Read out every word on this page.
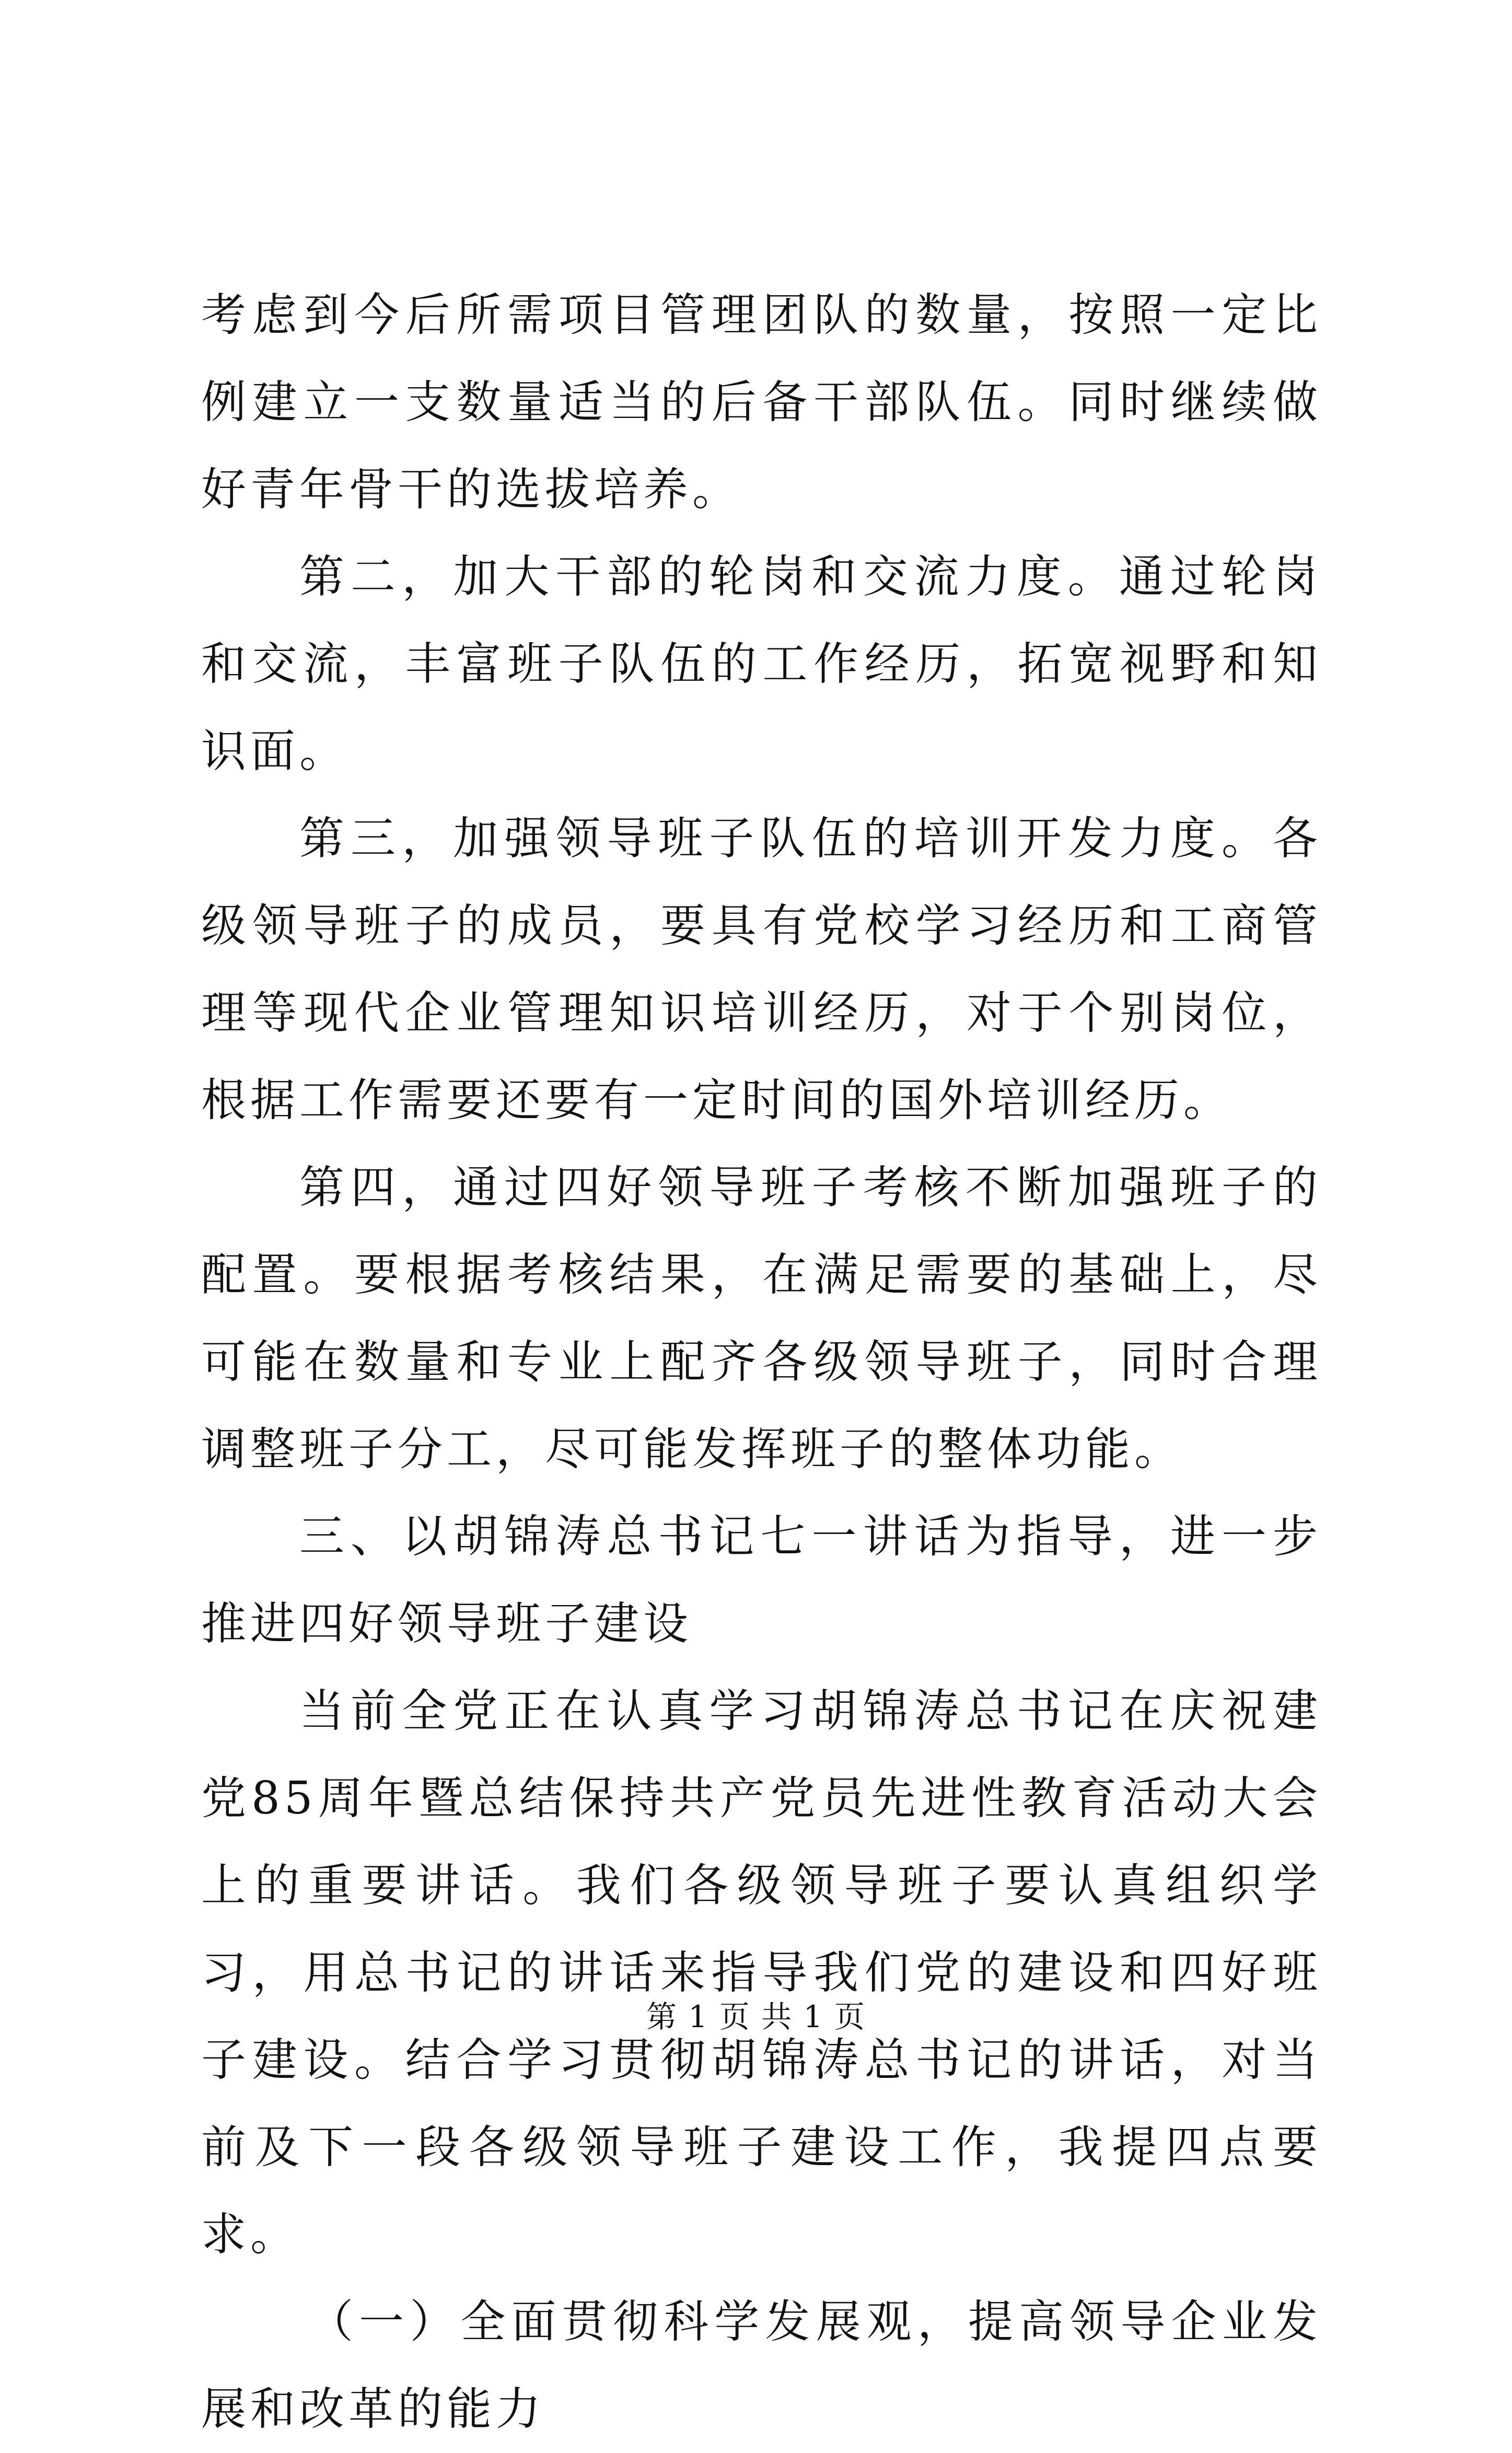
考虑到今后所需项目管理团队的数量，按照一定比例建立一支数量适当的后备干部队伍。同时继续做好青年骨干的选拔培养。

第二，加大干部的轮岗和交流力度。通过轮岗和交流，丰富班子队伍的工作经历，拓宽视野和知识面。

第三，加强领导班子队伍的培训开发力度。各级领导班子的成员，要具有党校学习经历和工商管理等现代企业管理知识培训经历，对于个别岗位，根据工作需要还要有一定时间的国外培训经历。

第四，通过四好领导班子考核不断加强班子的配置。要根据考核结果，在满足需要的基础上，尽可能在数量和专业上配齐各级领导班子，同时合理调整班子分工，尽可能发挥班子的整体功能。

三、以胡锦涛总书记七一讲话为指导，进一步推进四好领导班子建设

当前全党正在认真学习胡锦涛总书记在庆祝建党85周年暨总结保持共产党员先进性教育活动大会上的重要讲话。我们各级领导班子要认真组织学习，用总书记的讲话来指导我们党的建设和四好班子建设。结合学习贯彻胡锦涛总书记的讲话，对当前及下一段各级领导班子建设工作，我提四点要求。

（一）全面贯彻科学发展观，提高领导企业发展和改革的能力

第 1 页 共 1 页
